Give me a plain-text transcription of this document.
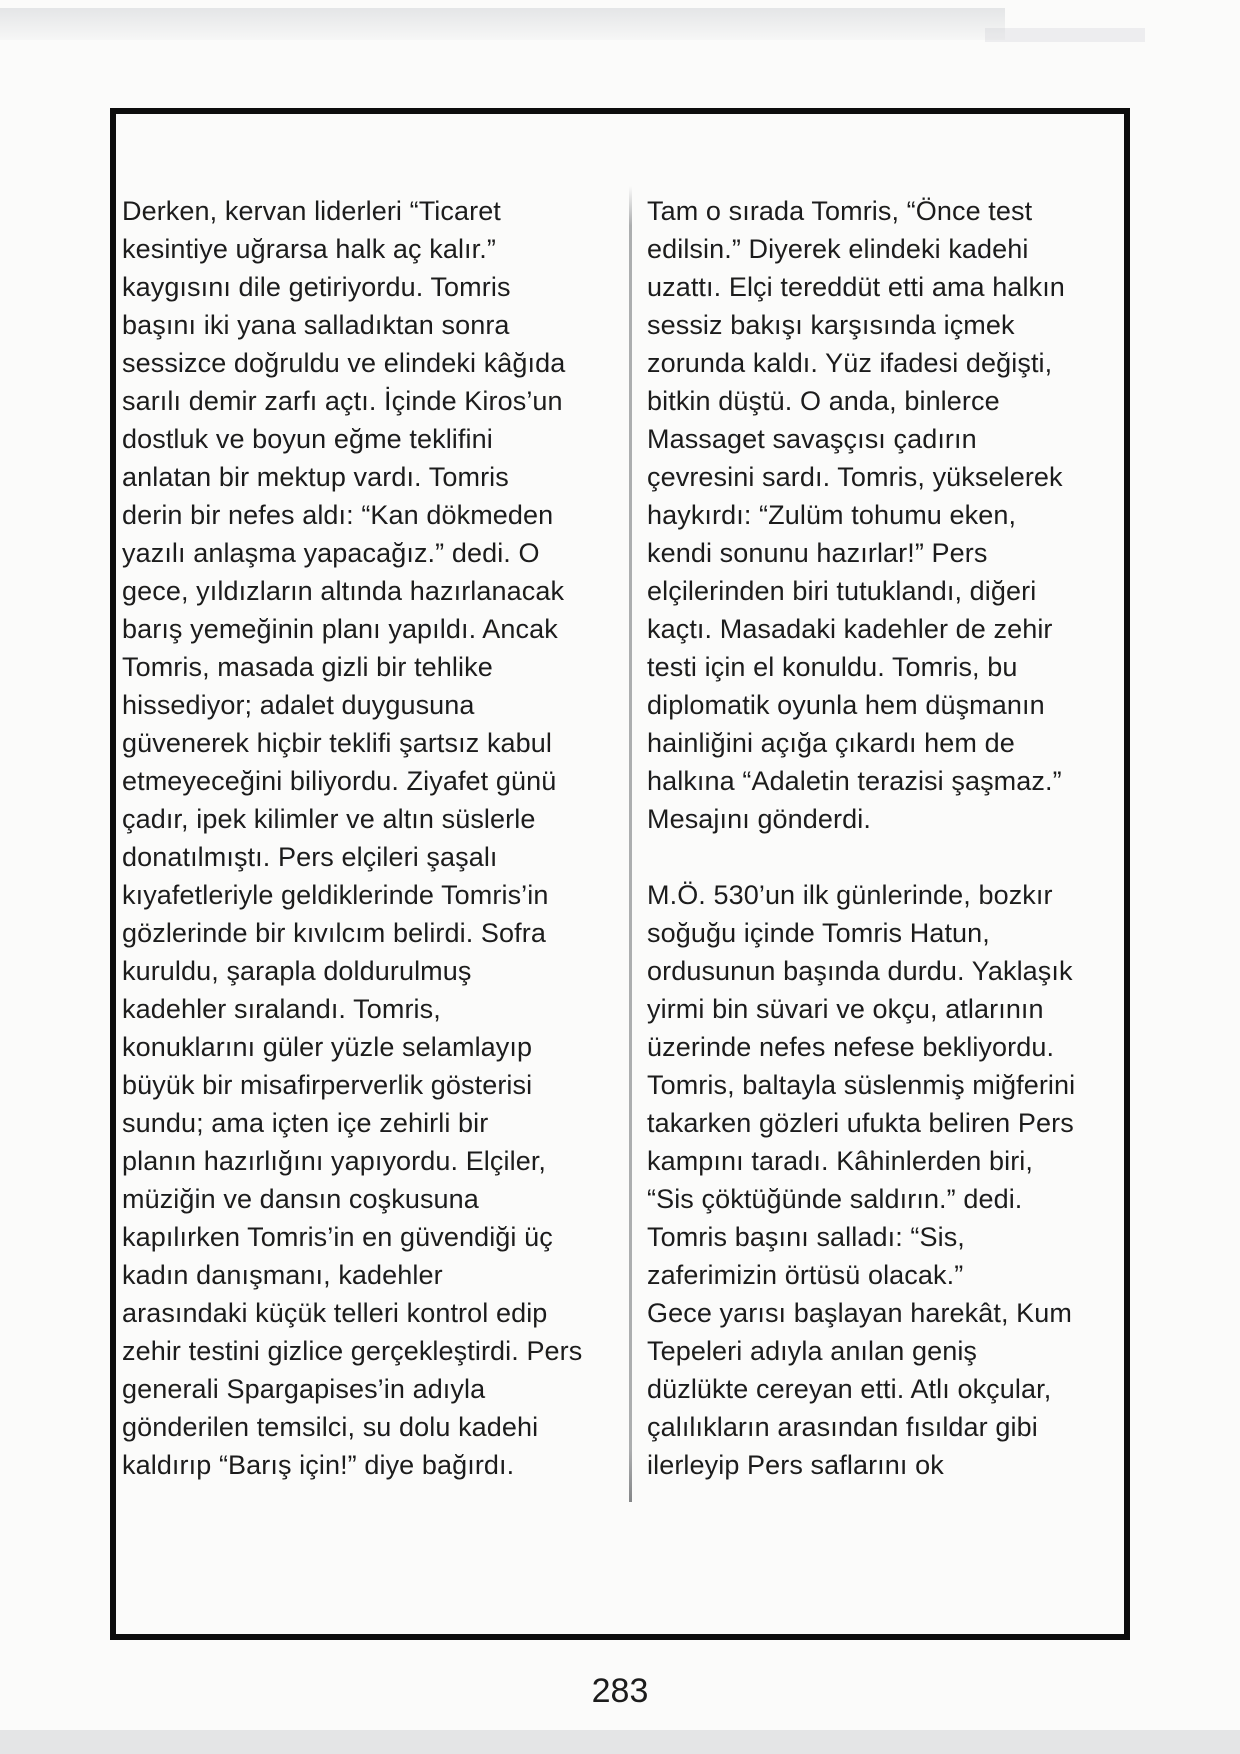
Derken, kervan liderleri “Ticaret
kesintiye uğrarsa halk aç kalır.”
kaygısını dile getiriyordu. Tomris
başını iki yana salladıktan sonra
sessizce doğruldu ve elindeki kâğıda
sarılı demir zarfı açtı. İçinde Kiros’un
dostluk ve boyun eğme teklifini
anlatan bir mektup vardı. Tomris
derin bir nefes aldı: “Kan dökmeden
yazılı anlaşma yapacağız.” dedi. O
gece, yıldızların altında hazırlanacak
barış yemeğinin planı yapıldı. Ancak
Tomris, masada gizli bir tehlike
hissediyor; adalet duygusuna
güvenerek hiçbir teklifi şartsız kabul
etmeyeceğini biliyordu. Ziyafet günü
çadır, ipek kilimler ve altın süslerle
donatılmıştı. Pers elçileri şaşalı
kıyafetleriyle geldiklerinde Tomris’in
gözlerinde bir kıvılcım belirdi. Sofra
kuruldu, şarapla doldurulmuş
kadehler sıralandı. Tomris,
konuklarını güler yüzle selamlayıp
büyük bir misafirperverlik gösterisi
sundu; ama içten içe zehirli bir
planın hazırlığını yapıyordu. Elçiler,
müziğin ve dansın coşkusuna
kapılırken Tomris’in en güvendiği üç
kadın danışmanı, kadehler
arasındaki küçük telleri kontrol edip
zehir testini gizlice gerçekleştirdi. Pers
generali Spargapises’in adıyla
gönderilen temsilci, su dolu kadehi
kaldırıp “Barış için!” diye bağırdı.

Tam o sırada Tomris, “Önce test
edilsin.” Diyerek elindeki kadehi
uzattı. Elçi tereddüt etti ama halkın
sessiz bakışı karşısında içmek
zorunda kaldı. Yüz ifadesi değişti,
bitkin düştü. O anda, binlerce
Massaget savaşçısı çadırın
çevresini sardı. Tomris, yükselerek
haykırdı: “Zulüm tohumu eken,
kendi sonunu hazırlar!” Pers
elçilerinden biri tutuklandı, diğeri
kaçtı. Masadaki kadehler de zehir
testi için el konuldu. Tomris, bu
diplomatik oyunla hem düşmanın
hainliğini açığa çıkardı hem de
halkına “Adaletin terazisi şaşmaz.”
Mesajını gönderdi.

M.Ö. 530’un ilk günlerinde, bozkır
soğuğu içinde Tomris Hatun,
ordusunun başında durdu. Yaklaşık
yirmi bin süvari ve okçu, atlarının
üzerinde nefes nefese bekliyordu.
Tomris, baltayla süslenmiş miğferini
takarken gözleri ufukta beliren Pers
kampını taradı. Kâhinlerden biri,
“Sis çöktüğünde saldırın.” dedi.
Tomris başını salladı: “Sis,
zaferimizin örtüsü olacak.”
Gece yarısı başlayan harekât, Kum
Tepeleri adıyla anılan geniş
düzlükte cereyan etti. Atlı okçular,
çalılıkların arasından fısıldar gibi
ilerleyip Pers saflarını ok

283
